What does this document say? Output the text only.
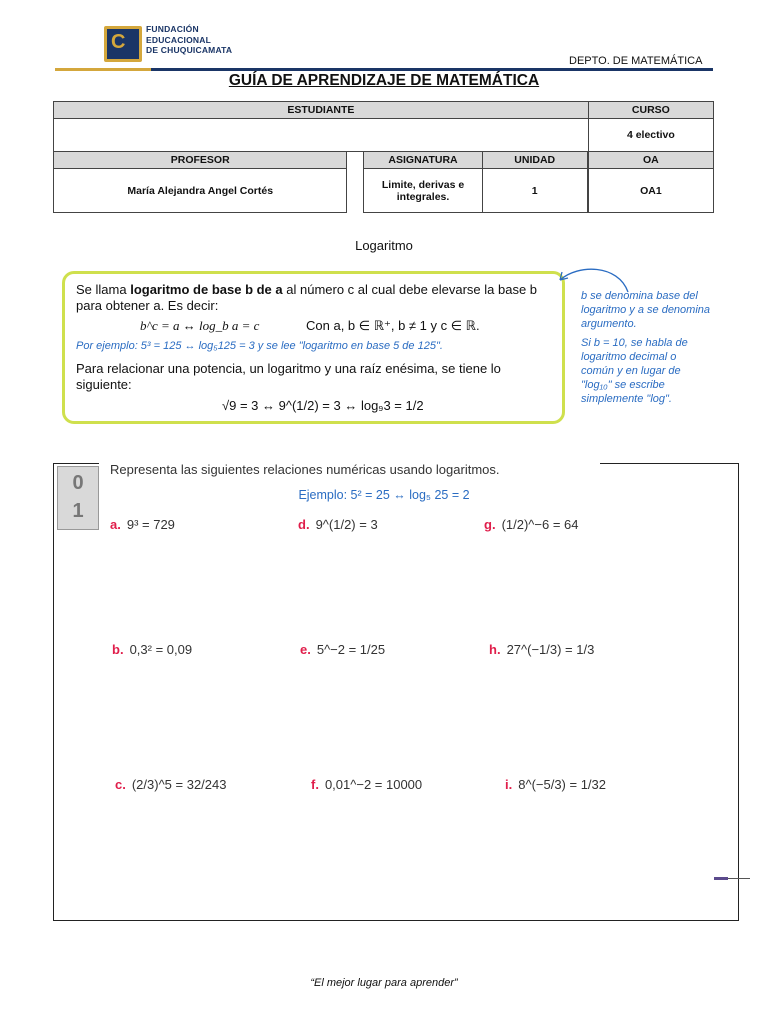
C
FUNDACIÓN
EDUCACIONAL
DE CHUQUICAMATA
DEPTO. DE MATEMÁTICA
GUÍA DE APRENDIZAJE DE MATEMÁTICA
ESTUDIANTE				CURSO
				4 electivo
PROFESOR		ASIGNATURA	UNIDAD		OA
María Alejandra Angel Cortés		Limite, derivas e integrales.	1		OA1
Logaritmo
Se llama logaritmo de base b de a al número c al cual debe elevarse la base b para obtener a. Es decir:
b^c = a ↔ log_b a = c	Con a, b ∈ ℝ⁺, b ≠ 1 y c ∈ ℝ.
Por ejemplo: 5³ = 125 ↔ log₅125 = 3 y se lee "logaritmo en base 5 de 125".
Para relacionar una potencia, un logaritmo y una raíz enésima, se tiene lo siguiente:
√9 = 3 ↔ 9^(1/2) = 3 ↔ log₉3 = 1/2
b se denomina base del logaritmo y a se denomina argumento.
Si b = 10, se habla de logaritmo decimal o común y en lugar de "log₁₀" se escribe simplemente "log".
0
1
Representa las siguientes relaciones numéricas usando logaritmos.
Ejemplo: 5² = 25 ↔ log₅ 25 = 2
a. 9³ = 729	d. 9^(1/2) = 3	g. (1/2)^−6 = 64
b. 0,3² = 0,09	e. 5^−2 = 1/25	h. 27^(−1/3) = 1/3
c. (2/3)^5 = 32/243	f. 0,01^−2 = 10000	i. 8^(−5/3) = 1/32
“El mejor lugar para aprender”
